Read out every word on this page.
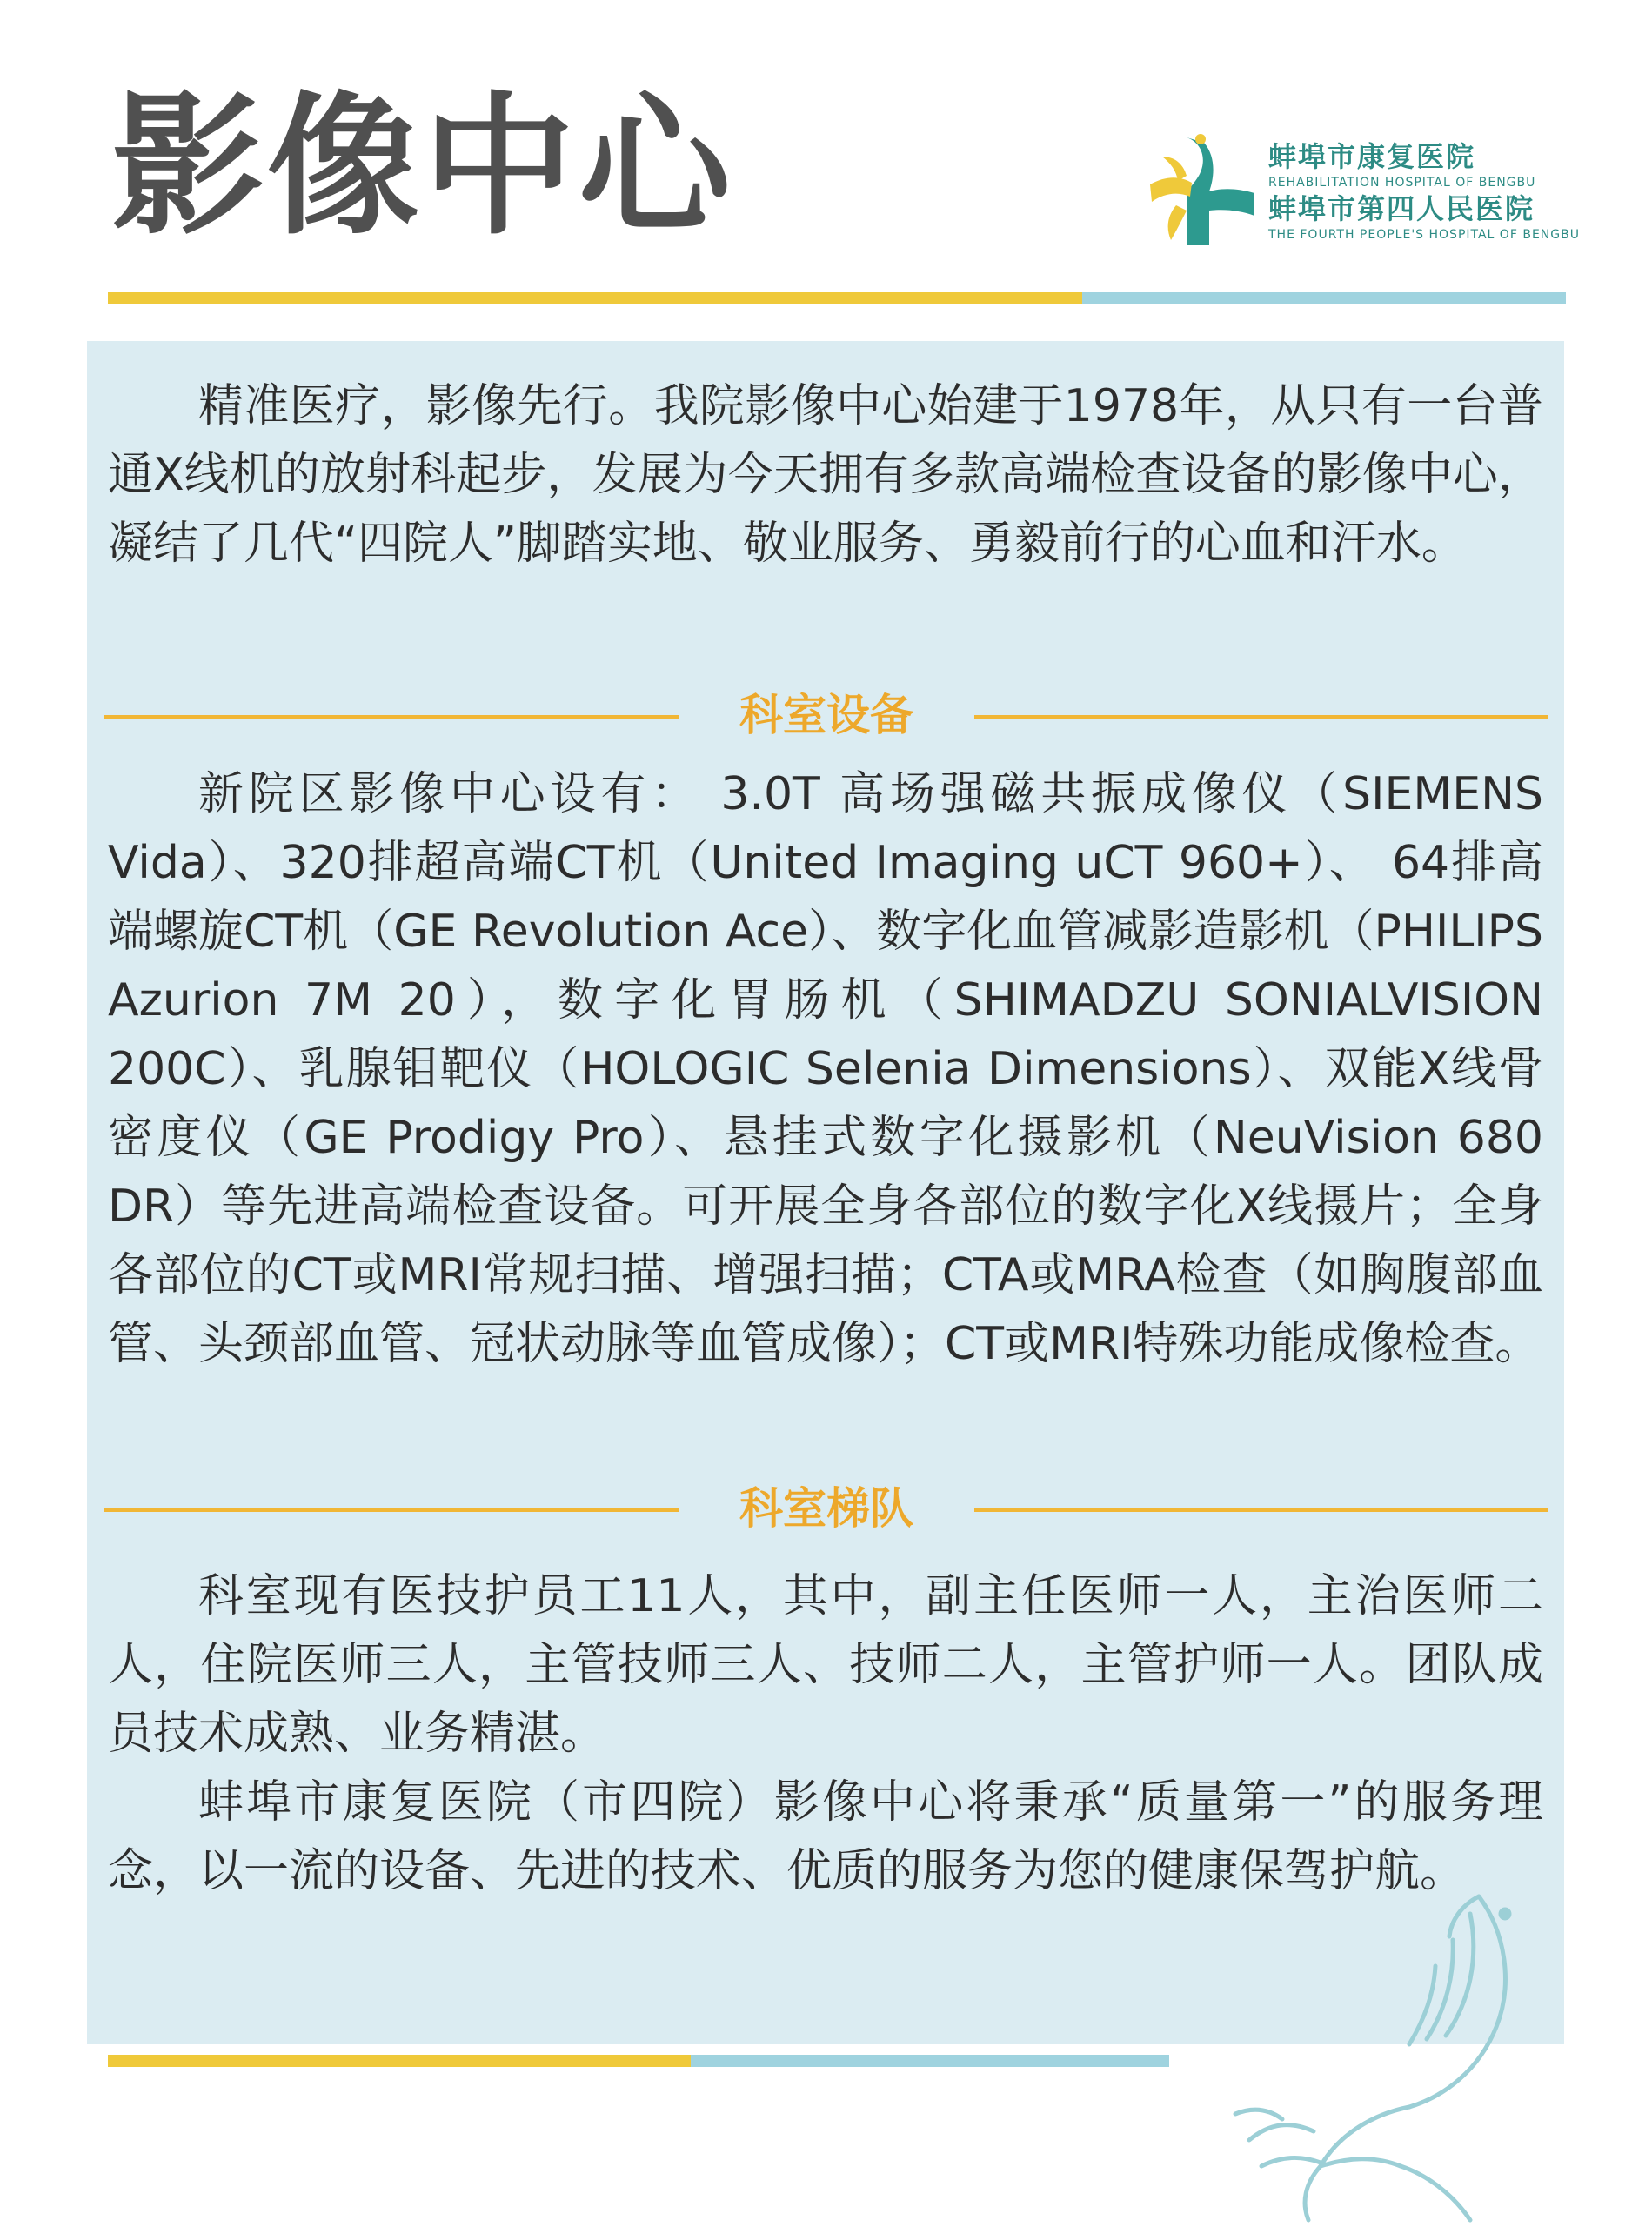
影像中心	蚌埠市康复医院
REHABILITATION HOSPITAL OF BENGBU
蚌埠市第四人民医院
THE FOURTH PEOPLE'S HOSPITAL OF BENGBU

精准医疗，影像先行。我院影像中心始建于1978年，从只有一台普通X线机的放射科起步，发展为今天拥有多款高端检查设备的影像中心，凝结了几代“四院人”脚踏实地、敬业服务、勇毅前行的心血和汗水。

科室设备

新院区影像中心设有： 3.0T 高场强磁共振成像仪（SIEMENS Vida）、320排超高端CT机（United Imaging uCT 960+）、 64排高端螺旋CT机（GE Revolution Ace）、数字化血管减影造影机（PHILIPS Azurion 7M 20），数字化胃肠机（SHIMADZU SONIALVISION 200C）、乳腺钼靶仪（HOLOGIC Selenia Dimensions）、双能X线骨密度仪（GE Prodigy Pro）、悬挂式数字化摄影机（NeuVision 680 DR）等先进高端检查设备。可开展全身各部位的数字化X线摄片；全身各部位的CT或MRI常规扫描、增强扫描；CTA或MRA检查（如胸腹部血管、头颈部血管、冠状动脉等血管成像）；CT或MRI特殊功能成像检查。

科室梯队

科室现有医技护员工11人，其中，副主任医师一人，主治医师二人，住院医师三人，主管技师三人、技师二人，主管护师一人。团队成员技术成熟、业务精湛。

蚌埠市康复医院（市四院）影像中心将秉承“质量第一”的服务理念，以一流的设备、先进的技术、优质的服务为您的健康保驾护航。
